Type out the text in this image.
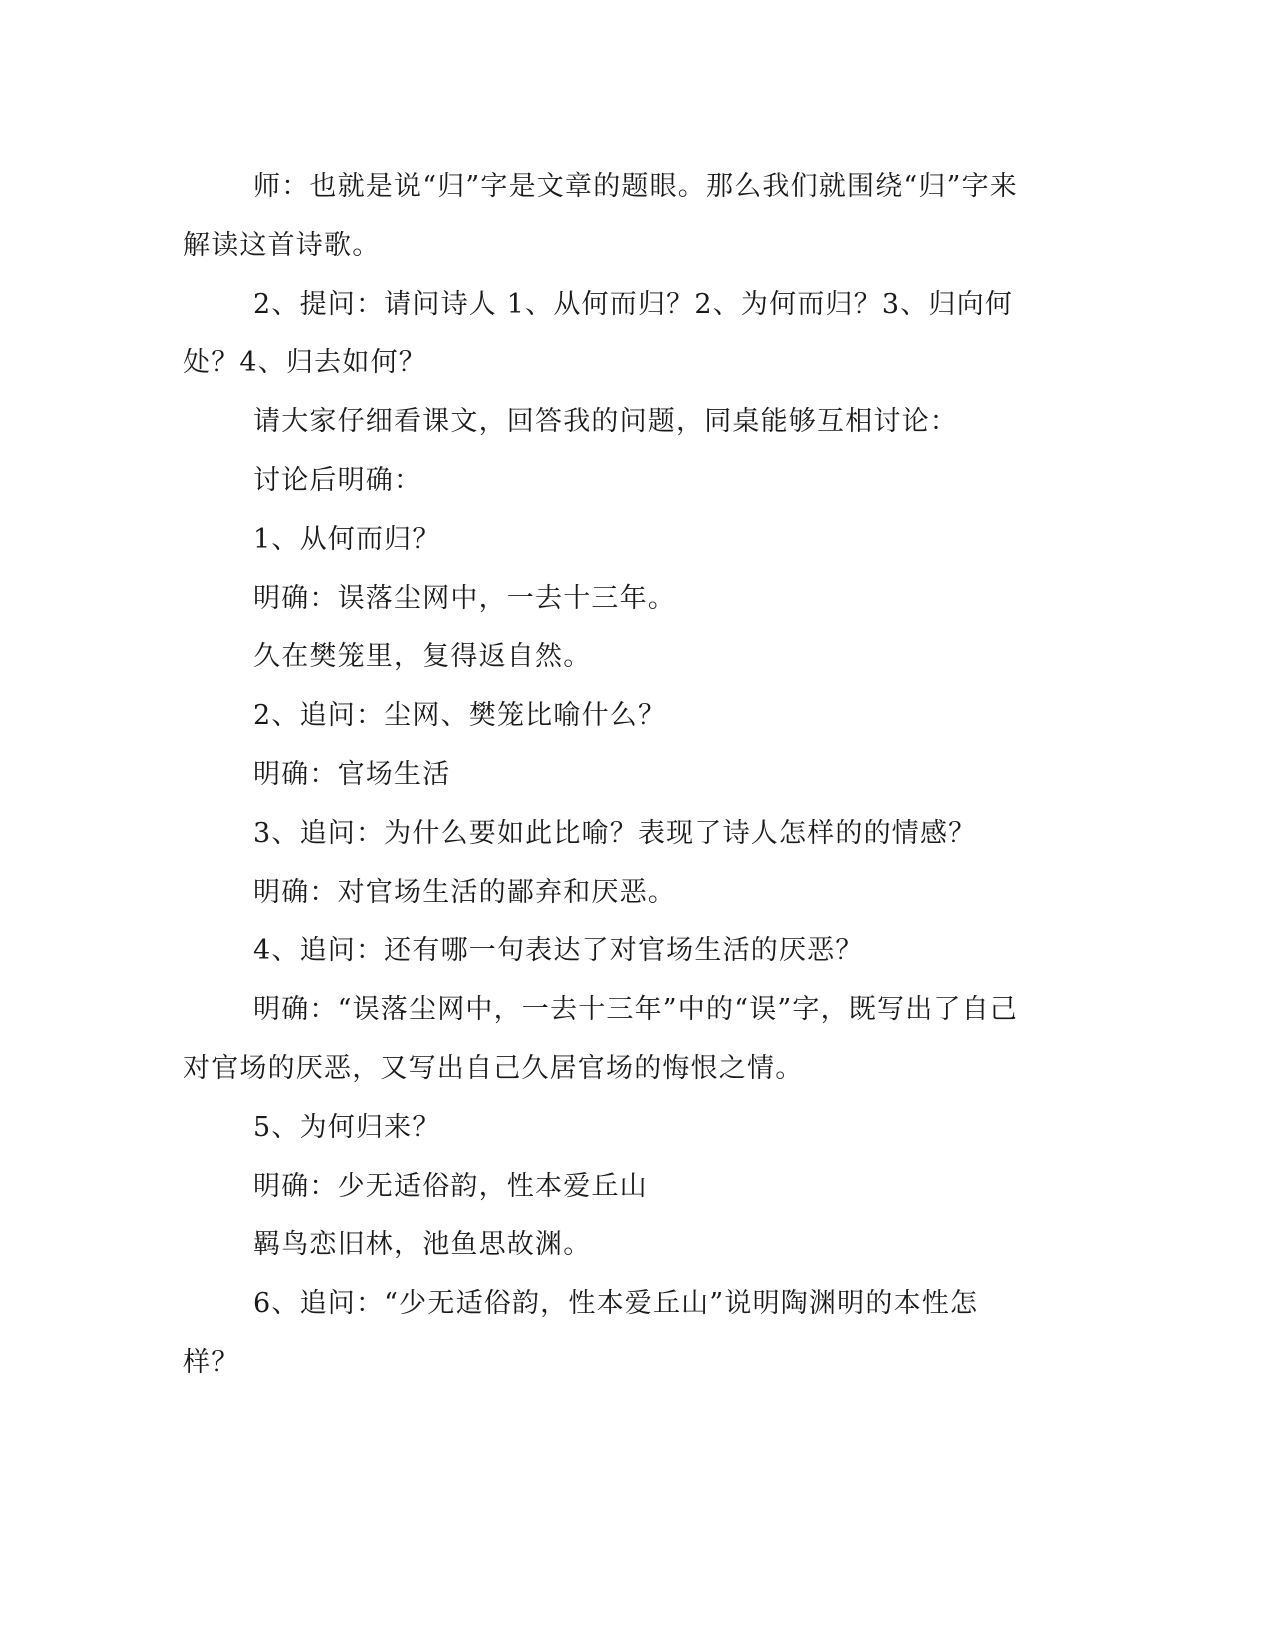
师：也就是说“归”字是文章的题眼。那么我们就围绕“归”字来解读这首诗歌。

2、提问：请问诗人 1、从何而归？2、为何而归？3、归向何处？4、归去如何？

请大家仔细看课文，回答我的问题，同桌能够互相讨论：

讨论后明确：

1、从何而归？

明确：误落尘网中，一去十三年。

久在樊笼里，复得返自然。

2、追问：尘网、樊笼比喻什么？

明确：官场生活

3、追问：为什么要如此比喻？表现了诗人怎样的的情感？

明确：对官场生活的鄙弃和厌恶。

4、追问：还有哪一句表达了对官场生活的厌恶？

明确：“误落尘网中，一去十三年”中的“误”字，既写出了自己对官场的厌恶，又写出自己久居官场的悔恨之情。

5、为何归来？

明确：少无适俗韵，性本爱丘山

羁鸟恋旧林，池鱼思故渊。

6、追问：“少无适俗韵，性本爱丘山”说明陶渊明的本性怎样？
